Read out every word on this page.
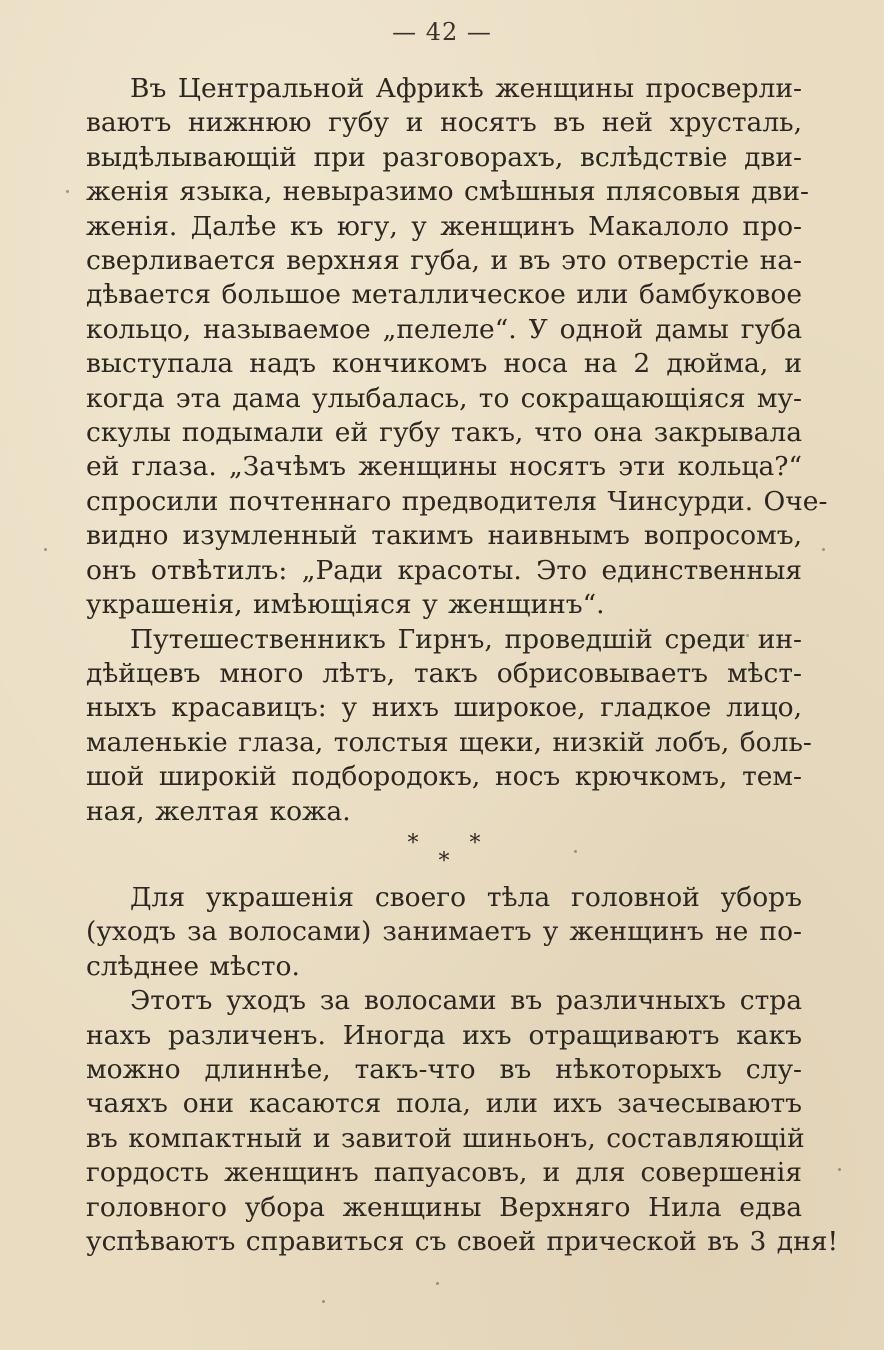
— 42 —

Въ Центральной Африкѣ женщины просверли-
ваютъ нижнюю губу и носятъ въ ней хрусталь,
выдѣлывающій при разговорахъ, вслѣдствіе дви-
женія языка, невыразимо смѣшныя плясовыя дви-
женія. Далѣе къ югу, у женщинъ Макалоло про-
сверливается верхняя губа, и въ это отверстіе на-
дѣвается большое металлическое или бамбуковое
кольцо, называемое „пелеле“. У одной дамы губа
выступала надъ кончикомъ носа на 2 дюйма, и
когда эта дама улыбалась, то сокращающіяся му-
скулы подымали ей губу такъ, что она закрывала
ей глаза. „Зачѣмъ женщины носятъ эти кольца?“
спросили почтеннаго предводителя Чинсурди. Оче-
видно изумленный такимъ наивнымъ вопросомъ,
онъ отвѣтилъ: „Ради красоты. Это единственныя
украшенія, имѣющіяся у женщинъ“.

Путешественникъ Гирнъ, проведшій среди ин-
дѣйцевъ много лѣтъ, такъ обрисовываетъ мѣст-
ныхъ красавицъ: у нихъ широкое, гладкое лицо,
маленькіе глаза, толстыя щеки, низкій лобъ, боль-
шой широкій подбородокъ, носъ крючкомъ, тем-
ная, желтая кожа.

* *
*

Для украшенія своего тѣла головной уборъ
(уходъ за волосами) занимаетъ у женщинъ не по-
слѣднее мѣсто.

Этотъ уходъ за волосами въ различныхъ стра
нахъ различенъ. Иногда ихъ отращиваютъ какъ
можно длиннѣе, такъ-что въ нѣкоторыхъ слу-
чаяхъ они касаются пола, или ихъ зачесываютъ
въ компактный и завитой шиньонъ, составляющій
гордость женщинъ папуасовъ, и для совершенія
головного убора женщины Верхняго Нила едва
успѣваютъ справиться съ своей прической въ 3 дня!
